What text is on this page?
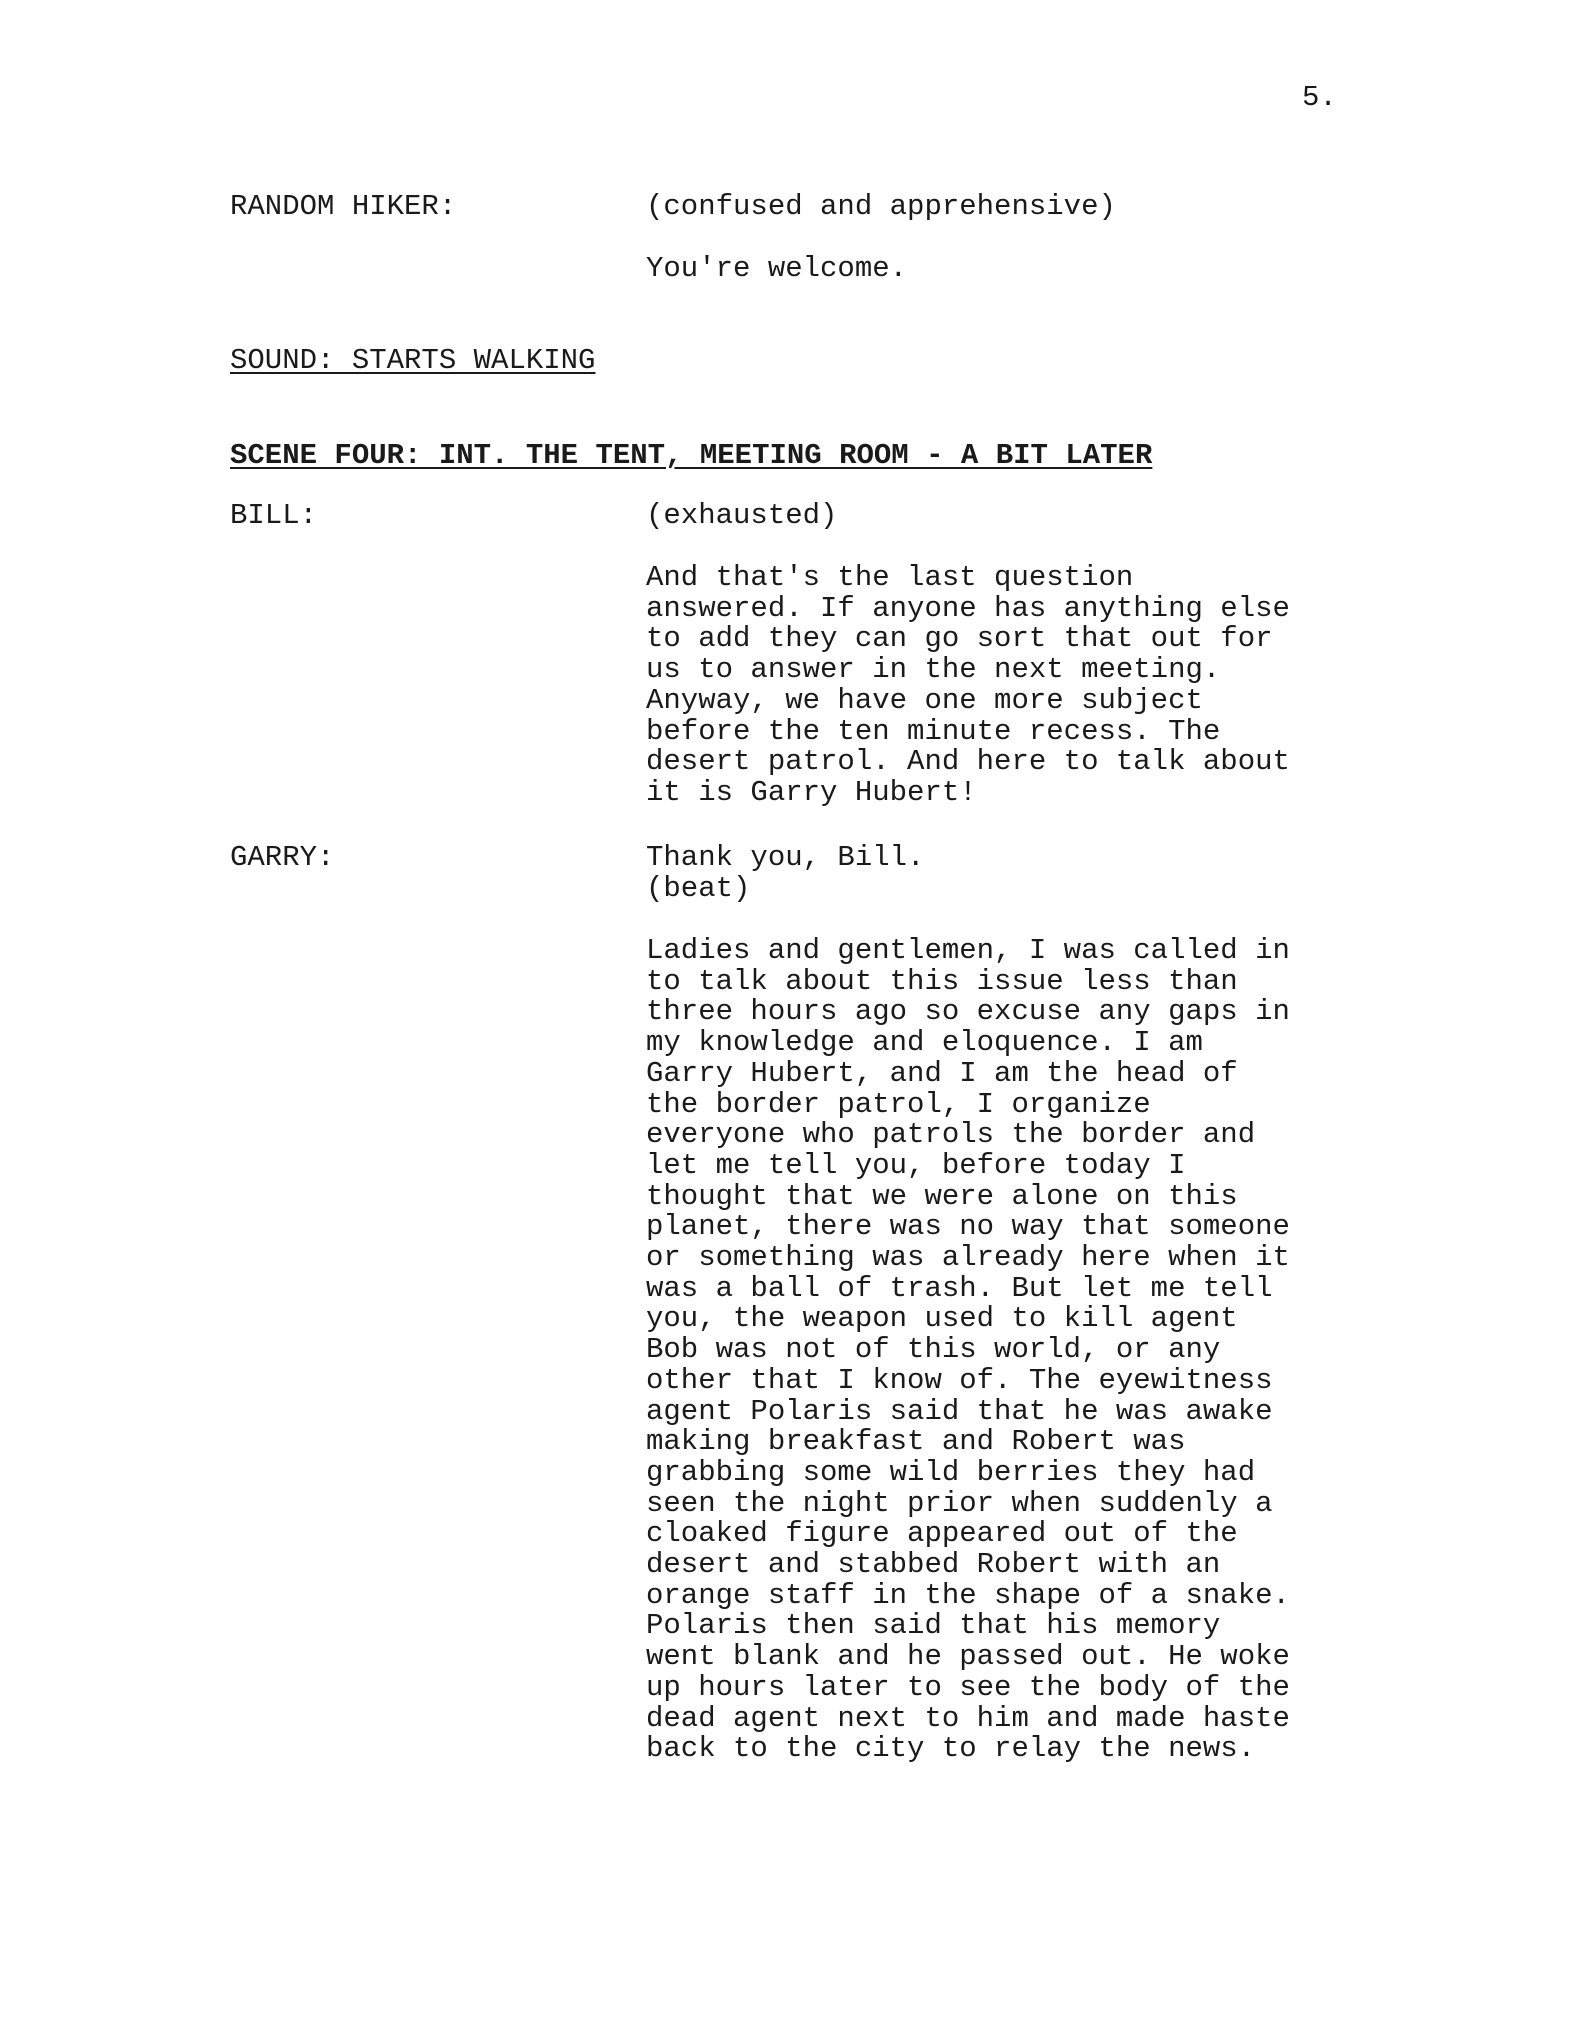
5.
RANDOM HIKER:	(confused and apprehensive)
You're welcome.
SOUND: STARTS WALKING
SCENE FOUR: INT. THE TENT, MEETING ROOM - A BIT LATER
BILL:	(exhausted)
And that's the last question
answered. If anyone has anything else
to add they can go sort that out for
us to answer in the next meeting.
Anyway, we have one more subject
before the ten minute recess. The
desert patrol. And here to talk about
it is Garry Hubert!
GARRY:	Thank you, Bill.
(beat)
Ladies and gentlemen, I was called in
to talk about this issue less than
three hours ago so excuse any gaps in
my knowledge and eloquence. I am
Garry Hubert, and I am the head of
the border patrol, I organize
everyone who patrols the border and
let me tell you, before today I
thought that we were alone on this
planet, there was no way that someone
or something was already here when it
was a ball of trash. But let me tell
you, the weapon used to kill agent
Bob was not of this world, or any
other that I know of. The eyewitness
agent Polaris said that he was awake
making breakfast and Robert was
grabbing some wild berries they had
seen the night prior when suddenly a
cloaked figure appeared out of the
desert and stabbed Robert with an
orange staff in the shape of a snake.
Polaris then said that his memory
went blank and he passed out. He woke
up hours later to see the body of the
dead agent next to him and made haste
back to the city to relay the news.
